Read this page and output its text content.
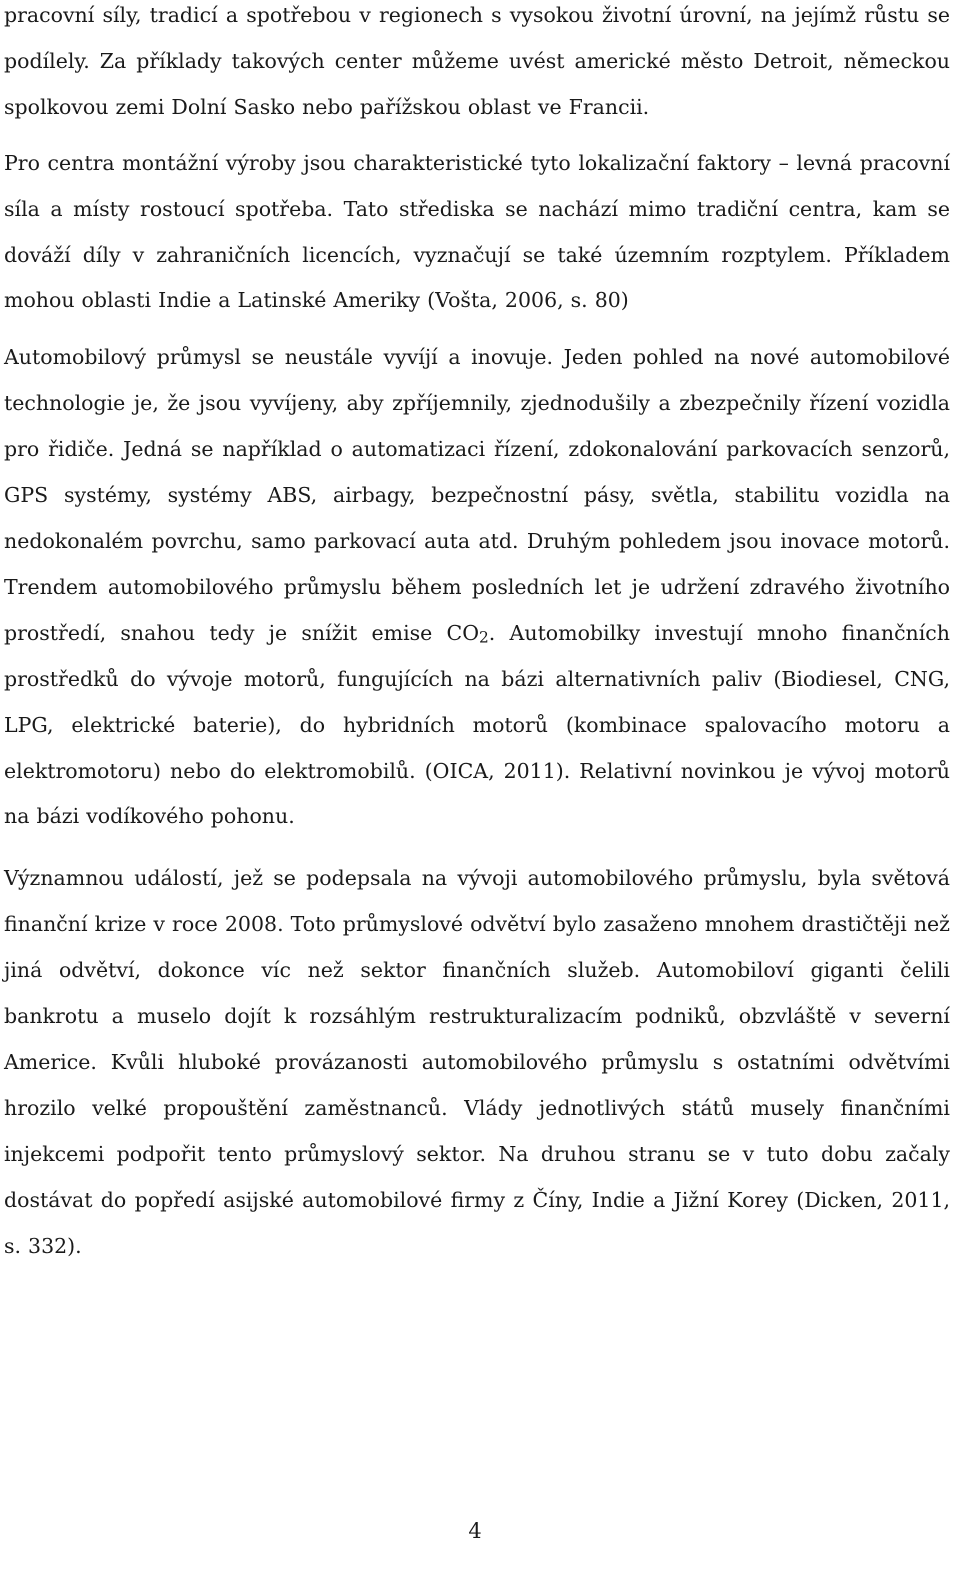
pracovní síly, tradicí a spotřebou v regionech s vysokou životní úrovní, na jejímž růstu se podílely. Za příklady takových center můžeme uvést americké město Detroit, německou spolkovou zemi Dolní Sasko nebo pařížskou oblast ve Francii.

Pro centra montážní výroby jsou charakteristické tyto lokalizační faktory – levná pracovní síla a místy rostoucí spotřeba. Tato střediska se nachází mimo tradiční centra, kam se dováží díly v zahraničních licencích, vyznačují se také územním rozptylem. Příkladem mohou oblasti Indie a Latinské Ameriky (Vošta, 2006, s. 80)

Automobilový průmysl se neustále vyvíjí a inovuje. Jeden pohled na nové automobilové technologie je, že jsou vyvíjeny, aby zpříjemnily, zjednodušily a zbezpečnily řízení vozidla pro řidiče. Jedná se například o automatizaci řízení, zdokonalování parkovacích senzorů, GPS systémy, systémy ABS, airbagy, bezpečnostní pásy, světla, stabilitu vozidla na nedokonalém povrchu, samo parkovací auta atd. Druhým pohledem jsou inovace motorů. Trendem automobilového průmyslu během posledních let je udržení zdravého životního prostředí, snahou tedy je snížit emise $CO_2$. Automobilky investují mnoho finančních prostředků do vývoje motorů, fungujících na bázi alternativních paliv (Biodiesel, CNG, LPG, elektrické baterie), do hybridních motorů (kombinace spalovacího motoru a elektromotoru) nebo do elektromobilů. (OICA, 2011). Relativní novinkou je vývoj motorů na bázi vodíkového pohonu.

Významnou událostí, jež se podepsala na vývoji automobilového průmyslu, byla světová finanční krize v roce 2008. Toto průmyslové odvětví bylo zasaženo mnohem drastičtěji než jiná odvětví, dokonce víc než sektor finančních služeb. Automobiloví giganti čelili bankrotu a muselo dojít k rozsáhlým restrukturalizacím podniků, obzvláště v severní Americe. Kvůli hluboké provázanosti automobilového průmyslu s ostatními odvětvími hrozilo velké propouštění zaměstnanců. Vlády jednotlivých států musely finančními injekcemi podpořit tento průmyslový sektor. Na druhou stranu se v tuto dobu začaly dostávat do popředí asijské automobilové firmy z Číny, Indie a Jižní Korey (Dicken, 2011, s. 332).

4
